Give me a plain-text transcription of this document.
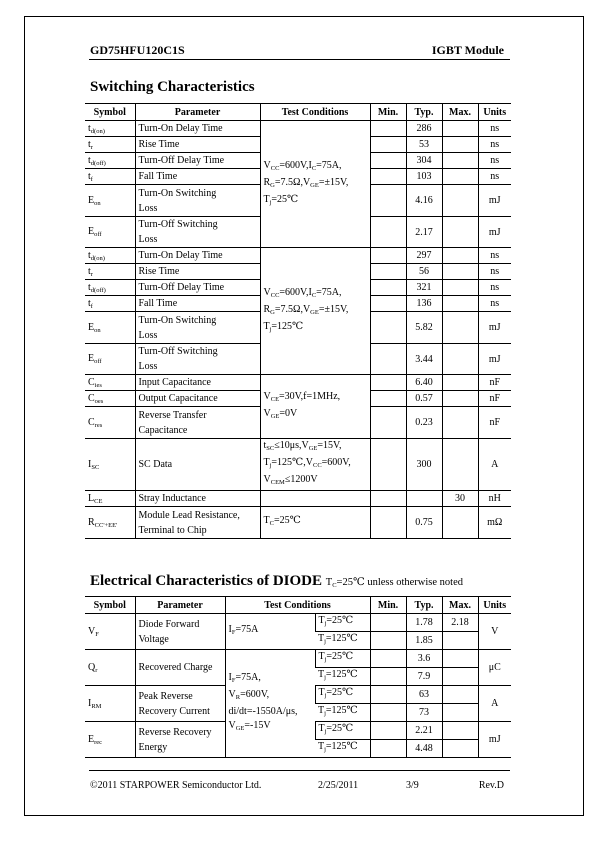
GD75HFU120C1S	IGBT Module
Switching Characteristics
Symbol	Parameter	Test Conditions	Min.	Typ.	Max.	Units
$t_{d(on)}$	Turn-On Delay Time	$V_{CC}=600V,I_C=75A$,
$R_G=7.5\Omega,V_{GE}=\pm 15V$,
$T_j=25℃$		286		ns
$t_r$	Rise Time			53		ns
$t_{d(off)}$	Turn-Off Delay Time			304		ns
$t_f$	Fall Time			103		ns
$E_{on}$	Turn-On Switching
Loss			4.16		mJ
$E_{off}$	Turn-Off Switching
Loss			2.17		mJ
$t_{d(on)}$	Turn-On Delay Time	$V_{CC}=600V,I_C=75A$,
$R_G=7.5\Omega,V_{GE}=\pm 15V$,
$T_j=125℃$		297		ns
$t_r$	Rise Time			56		ns
$t_{d(off)}$	Turn-Off Delay Time			321		ns
$t_f$	Fall Time			136		ns
$E_{on}$	Turn-On Switching
Loss			5.82		mJ
$E_{off}$	Turn-Off Switching
Loss			3.44		mJ
$C_{ies}$	Input Capacitance	$V_{CE}=30V,f=1MHz$,
$V_{GE}=0V$		6.40		nF
$C_{oes}$	Output Capacitance			0.57		nF
$C_{res}$	Reverse Transfer
Capacitance			0.23		nF
$I_{SC}$	SC Data	$t_{SC}\le 10\mu s,V_{GE}=15V$,
$T_j=125℃,V_{CC}=600V$,
$V_{CEM}\le 1200V$		300		A
$L_{CE}$	Stray Inductance				30	nH
$R_{CC'+EE'}$	Module Lead Resistance,
Terminal to Chip	$T_C=25℃$		0.75		mΩ
Electrical Characteristics of DIODE $T_C=25℃$ unless otherwise noted
Symbol	Parameter	Test Conditions		Min.	Typ.	Max.	Units
$V_F$	Diode Forward
Voltage	$I_F=75A$	$T_j=25℃$		1.78	2.18	V
			$T_j=125℃$		1.85		
$Q_r$	Recovered Charge	$I_F=75A$,
$V_R=600V$,
di/dt=-1550A/μs,
$V_{GE}=-15V$	$T_j=25℃$		3.6		μC
			$T_j=125℃$		7.9		
$I_{RM}$	Peak Reverse
Recovery Current		$T_j=25℃$		63		A
			$T_j=125℃$		73		
$E_{rec}$	Reverse Recovery
Energy		$T_j=25℃$		2.21		mJ
			$T_j=125℃$		4.48		
©2011 STARPOWER Semiconductor Ltd.	2/25/2011	3/9	Rev.D
